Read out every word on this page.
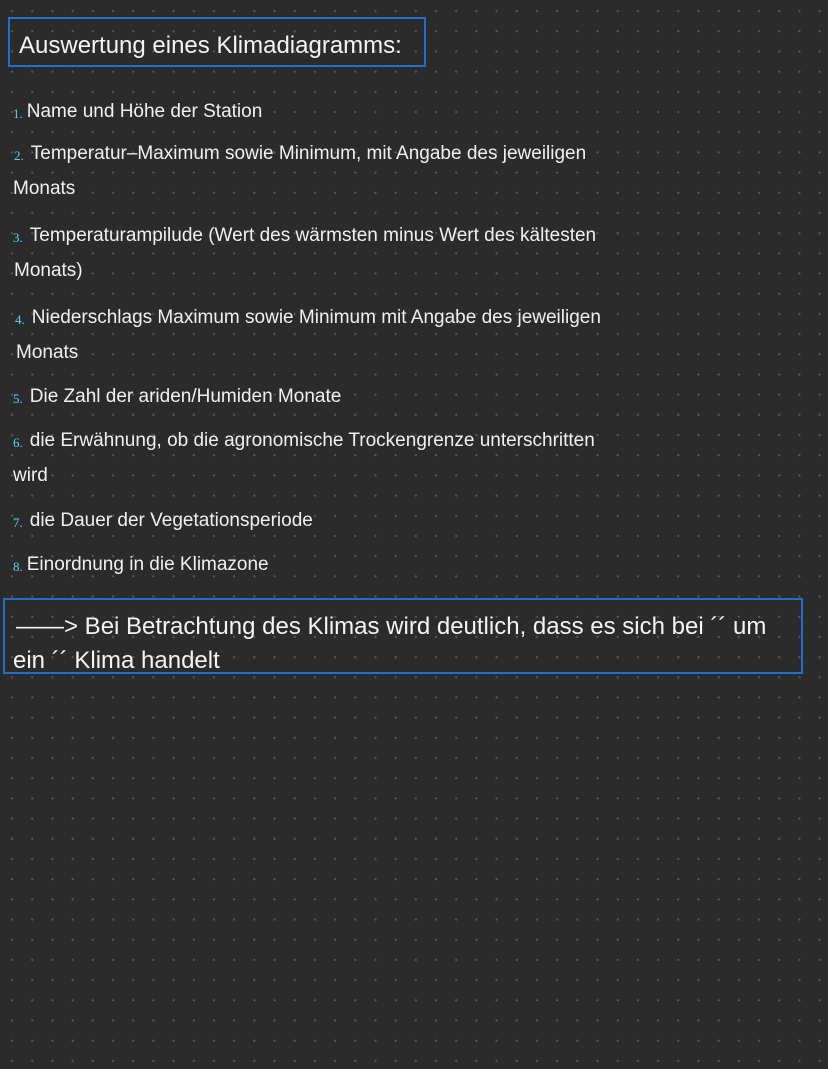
Auswertung eines Klimadiagramms:
1. Name und Höhe der Station
2. Temperatur–Maximum sowie Minimum, mit Angabe des jeweiligen
Monats
3. Temperaturampilude (Wert des wärmsten minus Wert des kältesten
Monats)
4. Niederschlags Maximum sowie Minimum mit Angabe des jeweiligen
Monats
5. Die Zahl der ariden/Humiden Monate
6. die Erwähnung, ob die agronomische Trockengrenze unterschritten
wird
7. die Dauer der Vegetationsperiode
8. Einordnung in die Klimazone
——> Bei Betrachtung des Klimas wird deutlich, dass es sich bei ´´ um
ein ´´ Klima handelt
